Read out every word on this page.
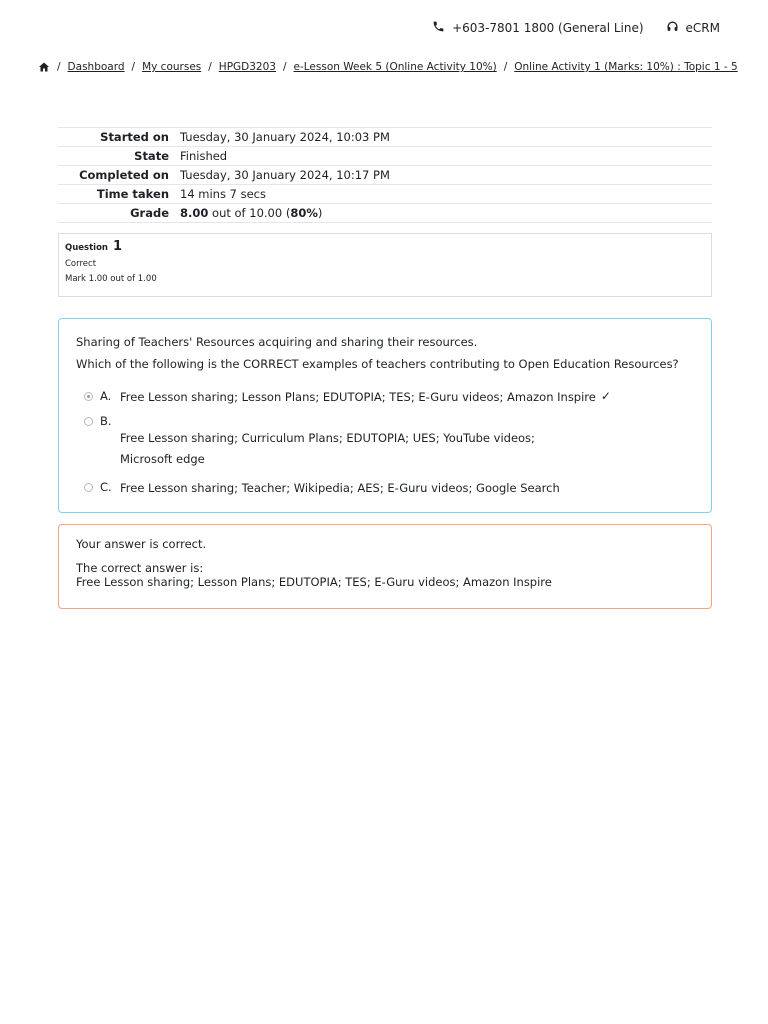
+603-7801 1800 (General Line)	eCRM
/ Dashboard / My courses / HPGD3203 / e-Lesson Week 5 (Online Activity 10%) / Online Activity 1 (Marks: 10%) : Topic 1 - 5
Started on	Tuesday, 30 January 2024, 10:03 PM
State	Finished
Completed on	Tuesday, 30 January 2024, 10:17 PM
Time taken	14 mins 7 secs
Grade	8.00 out of 10.00 (80%)
Question 1
Correct
Mark 1.00 out of 1.00

Sharing of Teachers' Resources acquiring and sharing their resources.

Which of the following is the CORRECT examples of teachers contributing to Open Education Resources?

A. Free Lesson sharing; Lesson Plans; EDUTOPIA; TES; E-Guru videos; Amazon Inspire ✓
B.
Free Lesson sharing; Curriculum Plans; EDUTOPIA; UES; YouTube videos; Microsoft edge
C. Free Lesson sharing; Teacher; Wikipedia; AES; E-Guru videos; Google Search
Your answer is correct.
The correct answer is:
Free Lesson sharing; Lesson Plans; EDUTOPIA; TES; E-Guru videos; Amazon Inspire
